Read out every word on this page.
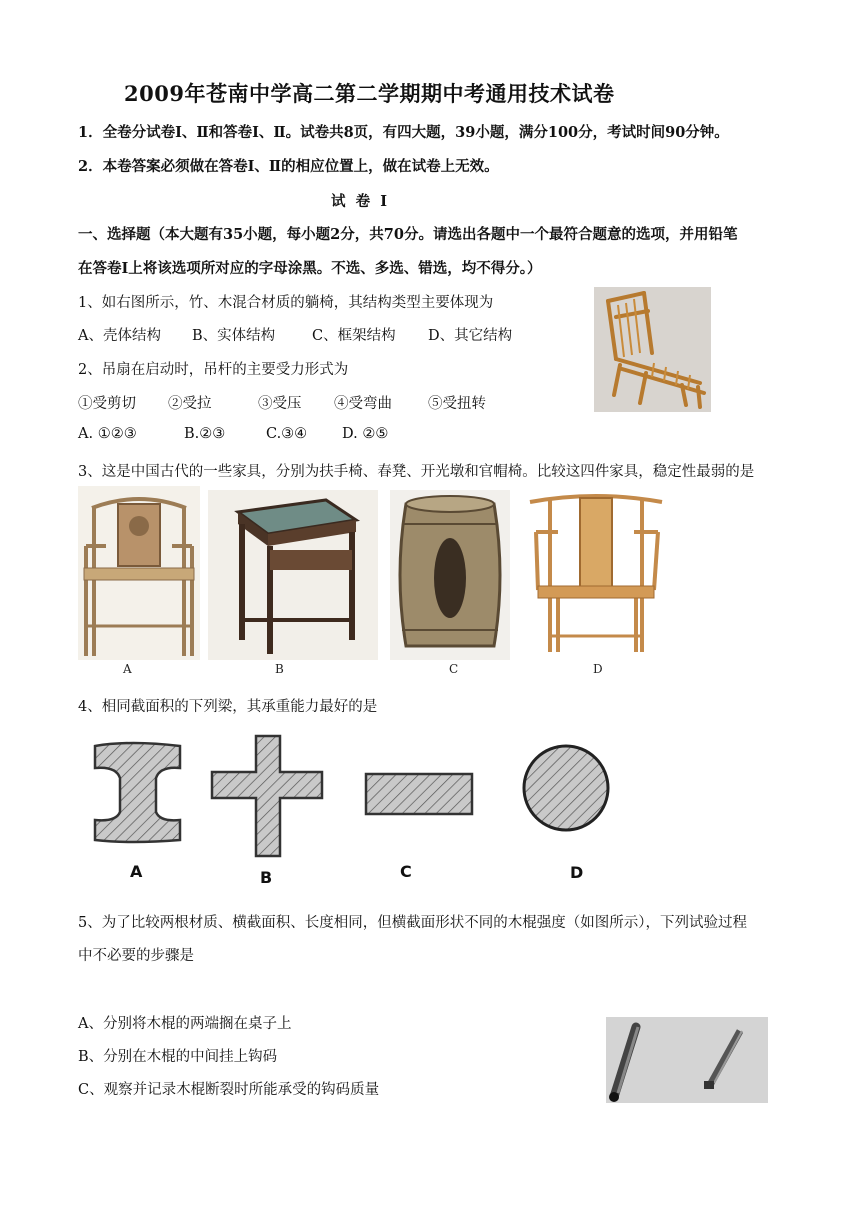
2009年苍南中学高二第二学期期中考通用技术试卷
1．全卷分试卷Ⅰ、Ⅱ和答卷Ⅰ、Ⅱ。试卷共8页，有四大题，39小题，满分100分，考试时间90分钟。
2．本卷答案必须做在答卷Ⅰ、Ⅱ的相应位置上，做在试卷上无效。
试  卷  Ⅰ
一、选择题（本大题有35小题，每小题2分，共70分。请选出各题中一个最符合题意的选项，并用铅笔
在答卷Ⅰ上将该选项所对应的字母涂黑。不选、多选、错选，均不得分。）
1、如右图所示，竹、木混合材质的躺椅，其结构类型主要体现为
A、壳体结构 B、实体结构	C、框架结构 D、其它结构
2、吊扇在启动时，吊杆的主要受力形式为
①受剪切 ②受拉	③受压 ④受弯曲 ⑤受扭转
A. ①②③	B.②③	C.③④ D. ②⑤
3、这是中国古代的一些家具，分别为扶手椅、春凳、开光墩和官帽椅。比较这四件家具，稳定性最弱的是
A	B	C	D
4、相同截面积的下列梁，其承重能力最好的是
A	B	C	D
5、为了比较两根材质、横截面积、长度相同，但横截面形状不同的木棍强度（如图所示），下列试验过程
中不必要的步骤是
A、分别将木棍的两端搁在桌子上
B、分别在木棍的中间挂上钩码
C、观察并记录木棍断裂时所能承受的钩码质量
